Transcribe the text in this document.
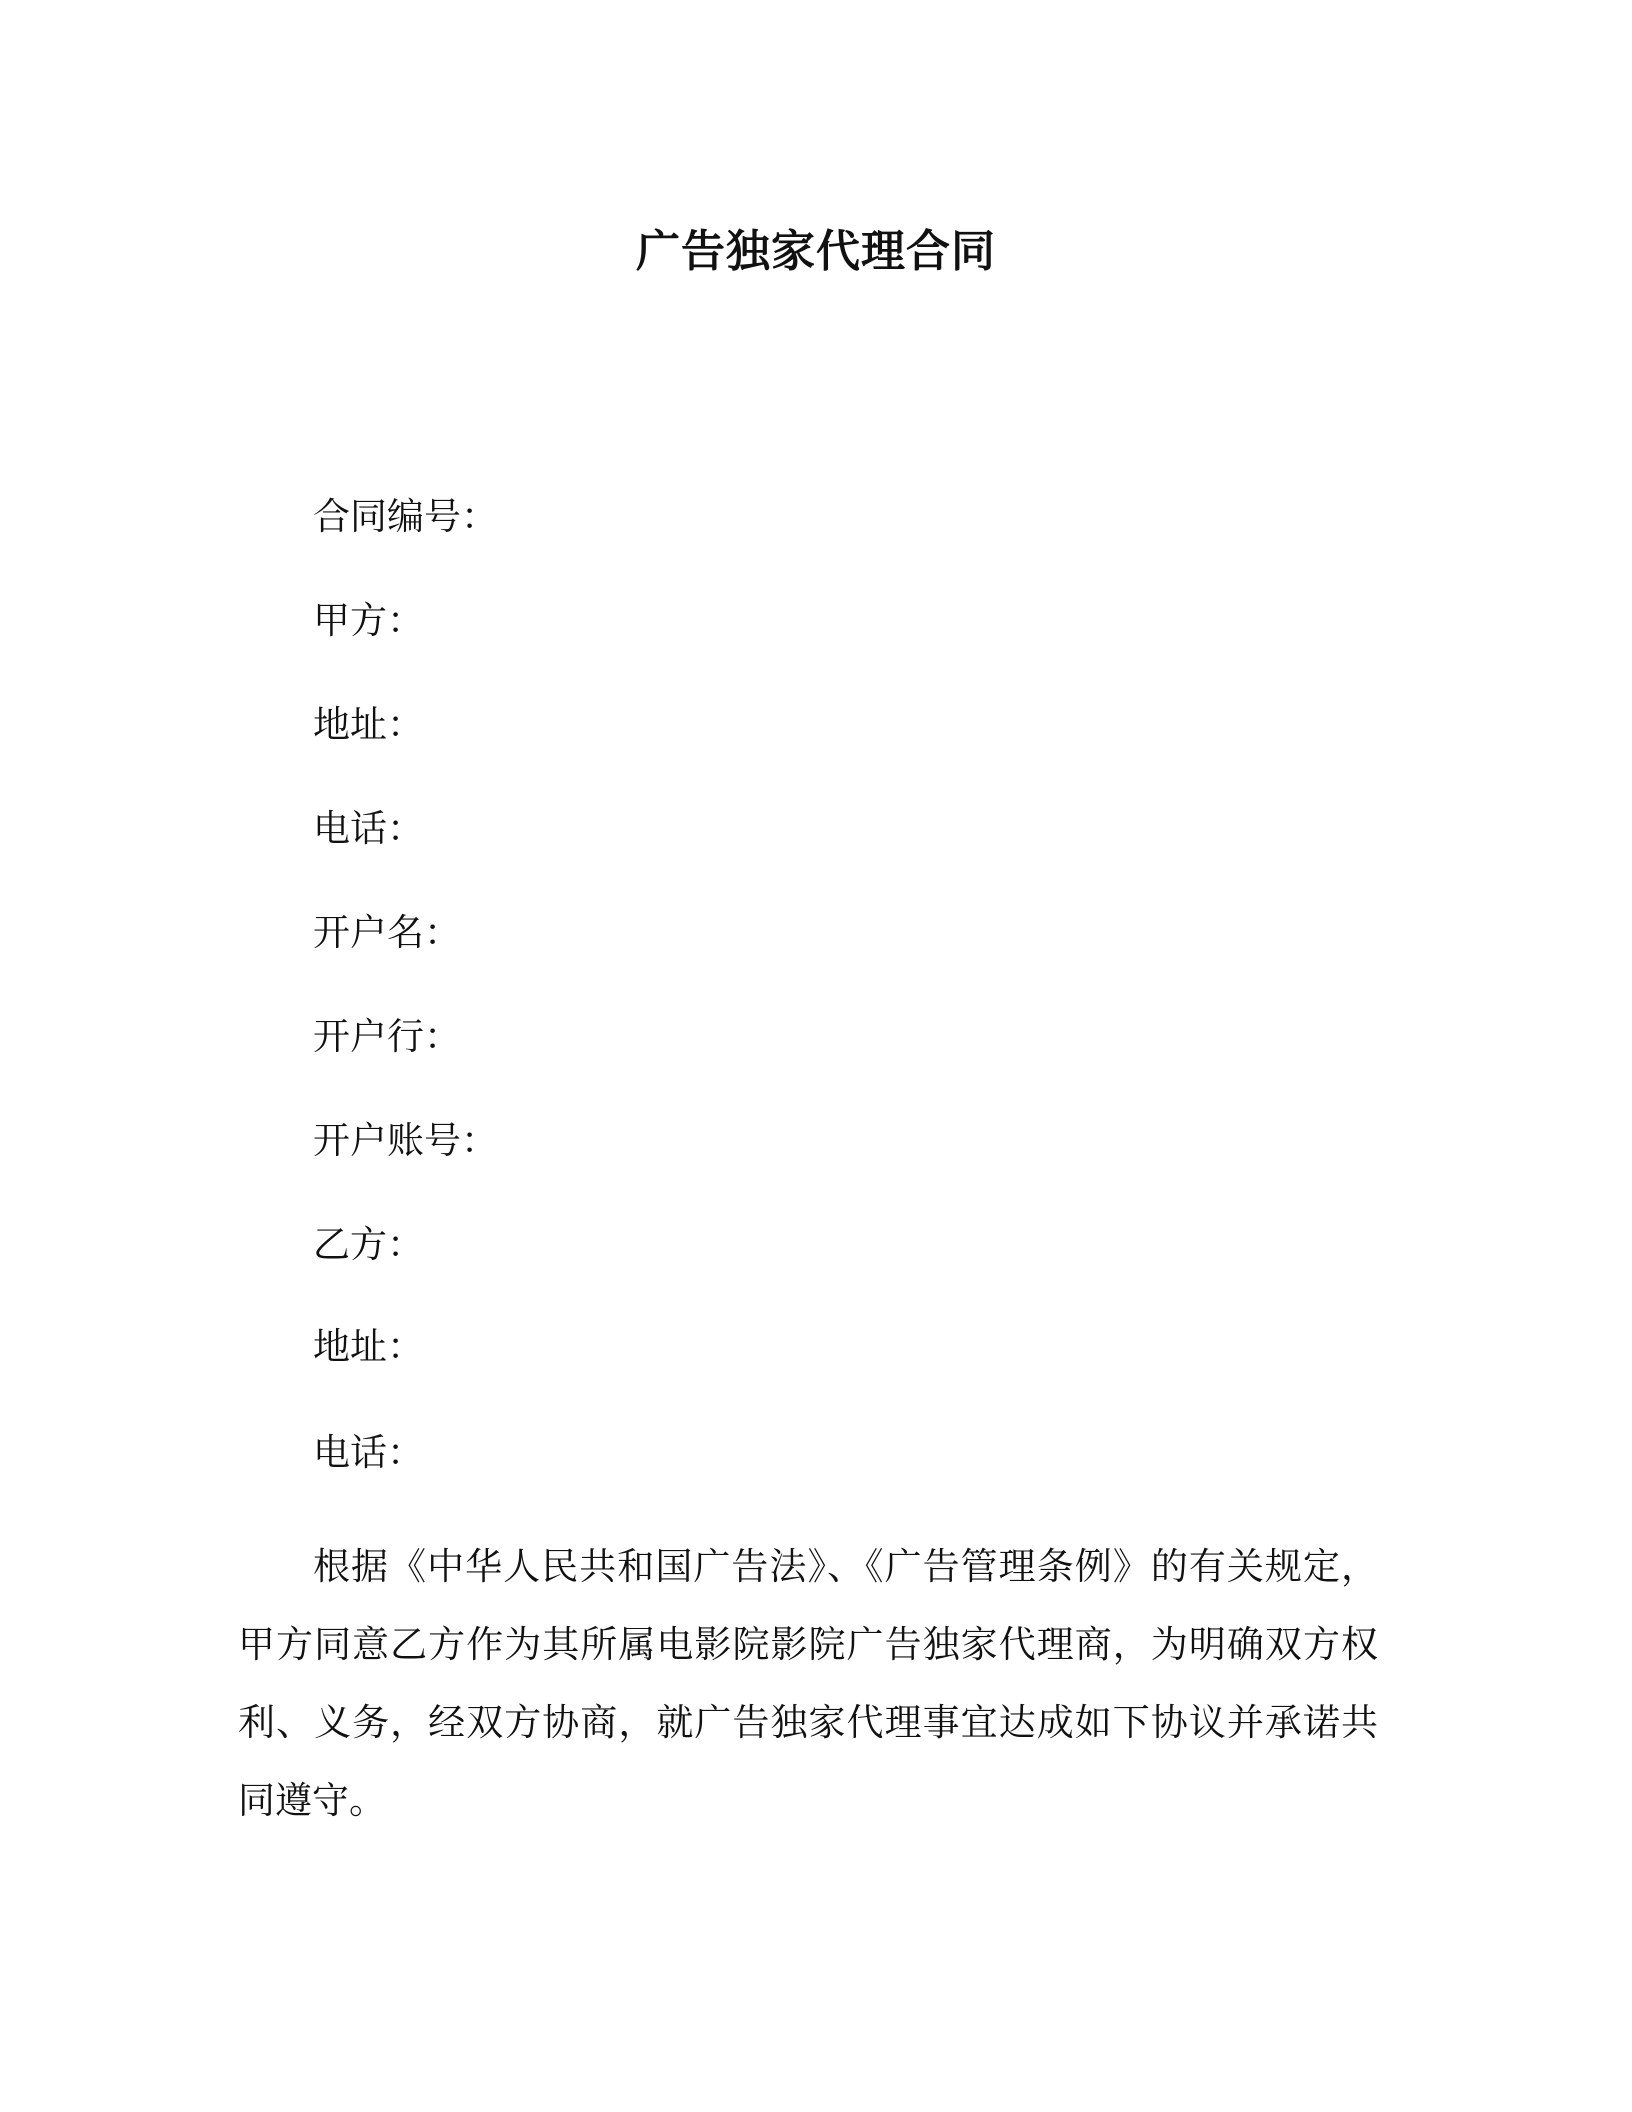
广告独家代理合同
合同编号：
甲方：
地址：
电话：
开户名：
开户行：
开户账号：
乙方：
地址：
电话：
根据《中华人民共和国广告法》、《广告管理条例》的有关规定，甲方同意乙方作为其所属电影院影院广告独家代理商，为明确双方权利、义务，经双方协商，就广告独家代理事宜达成如下协议并承诺共同遵守。
